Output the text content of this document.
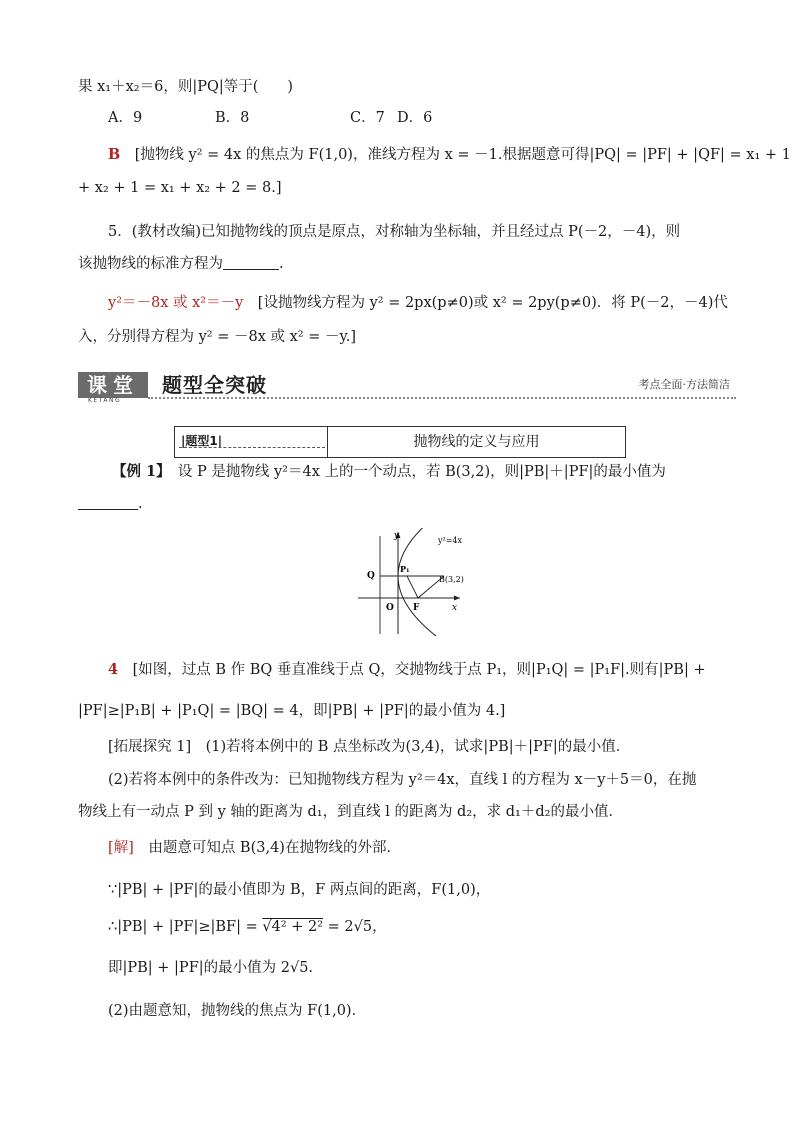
果 x₁＋x₂＝6，则|PQ|等于(　　)
A．9	B．8	C．7 D．6
B　[抛物线 y² = 4x 的焦点为 F(1,0)，准线方程为 x = －1.根据题意可得|PQ| = |PF| + |QF| = x₁ + 1
+ x₂ + 1 = x₁ + x₂ + 2 = 8.]
5．(教材改编)已知抛物线的顶点是原点，对称轴为坐标轴，并且经过点 P(－2，－4)，则
该抛物线的标准方程为	.
y²＝－8x 或 x²＝－y　[设抛物线方程为 y² = 2px(p≠0)或 x² = 2py(p≠0)．将 P(－2，－4)代
入，分别得方程为 y² = －8x 或 x² = －y.]
课堂
KETANG
题型全突破	考点全面·方法简洁
|题型1|	抛物线的定义与应用
【例 1】　设 P 是抛物线 y²＝4x 上的一个动点，若 B(3,2)，则|PB|＋|PF|的最小值为
.
y
x
O F
Q
P₁
B(3,2)
y²=4x
4　[如图，过点 B 作 BQ 垂直准线于点 Q，交抛物线于点 P₁，则|P₁Q| = |P₁F|.则有|PB| +
|PF|≥|P₁B| + |P₁Q| = |BQ| = 4，即|PB| + |PF|的最小值为 4.]
[拓展探究 1]　(1)若将本例中的 B 点坐标改为(3,4)，试求|PB|＋|PF|的最小值．
(2)若将本例中的条件改为：已知抛物线方程为 y²＝4x，直线 l 的方程为 x－y＋5＝0，在抛
物线上有一动点 P 到 y 轴的距离为 d₁，到直线 l 的距离为 d₂，求 d₁＋d₂的最小值．
[解]　由题意可知点 B(3,4)在抛物线的外部．
∵|PB| + |PF|的最小值即为 B，F 两点间的距离，F(1,0)，
∴|PB| + |PF|≥|BF| = √4² + 2² = 2√5，
即|PB| + |PF|的最小值为 2√5.
(2)由题意知，抛物线的焦点为 F(1,0)．
